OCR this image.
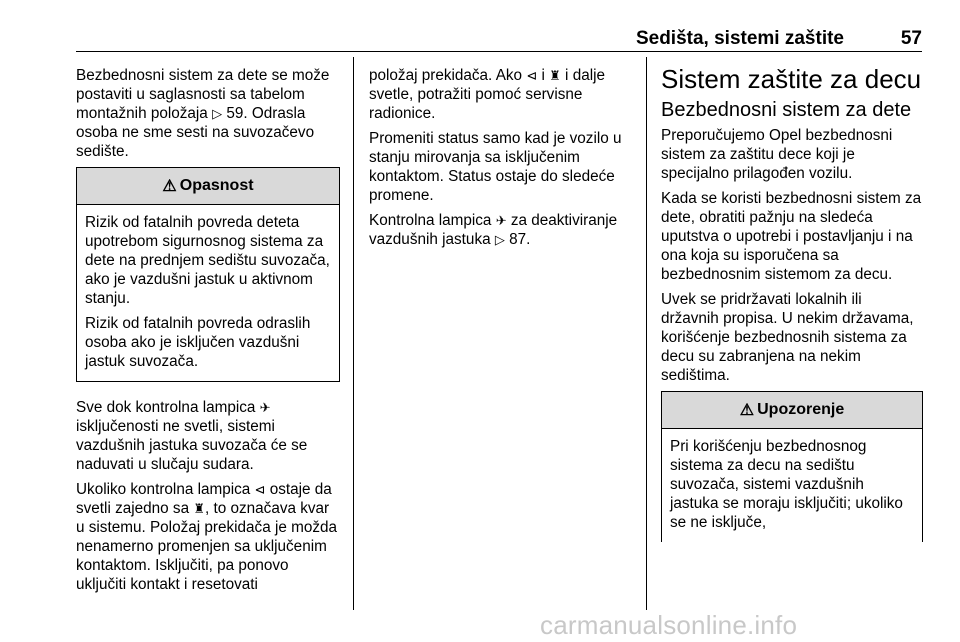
Sedišta, sistemi zaštite	57

Bezbednosni sistem za dete se može postaviti u saglasnosti sa tabelom montažnih položaja ▷ 59. Odrasla osoba ne sme sesti na suvozačevo sedište.

⚠ Opasnost

Rizik od fatalnih povreda deteta upotrebom sigurnosnog sistema za dete na prednjem sedištu suvozača, ako je vazdušni jastuk u aktivnom stanju.

Rizik od fatalnih povreda odraslih osoba ako je isključen vazdušni jastuk suvozača.

Sve dok kontrolna lampica ✈ isključenosti ne svetli, sistemi vazdušnih jastuka suvozača će se naduvati u slučaju sudara.

Ukoliko kontrolna lampica ⊲ ostaje da svetli zajedno sa ♜, to označava kvar u sistemu. Položaj prekidača je možda nenamerno promenjen sa uključenim kontaktom. Isključiti, pa ponovo uključiti kontakt i resetovati

položaj prekidača. Ako ⊲ i ♜ i dalje svetle, potražiti pomoć servisne radionice.

Promeniti status samo kad je vozilo u stanju mirovanja sa isključenim kontaktom. Status ostaje do sledeće promene.

Kontrolna lampica ✈ za deaktiviranje vazdušnih jastuka ▷ 87.

Sistem zaštite za decu
Bezbednosni sistem za dete

Preporučujemo Opel bezbednosni sistem za zaštitu dece koji je specijalno prilagođen vozilu.

Kada se koristi bezbednosni sistem za dete, obratiti pažnju na sledeća uputstva o upotrebi i postavljanju i na ona koja su isporučena sa bezbednosnim sistemom za decu.

Uvek se pridržavati lokalnih ili državnih propisa. U nekim državama, korišćenje bezbednosnih sistema za decu su zabranjena na nekim sedištima.

⚠ Upozorenje

Pri korišćenju bezbednosnog sistema za decu na sedištu suvozača, sistemi vazdušnih jastuka se moraju isključiti; ukoliko se ne isključe,

carmanualsonline.info
